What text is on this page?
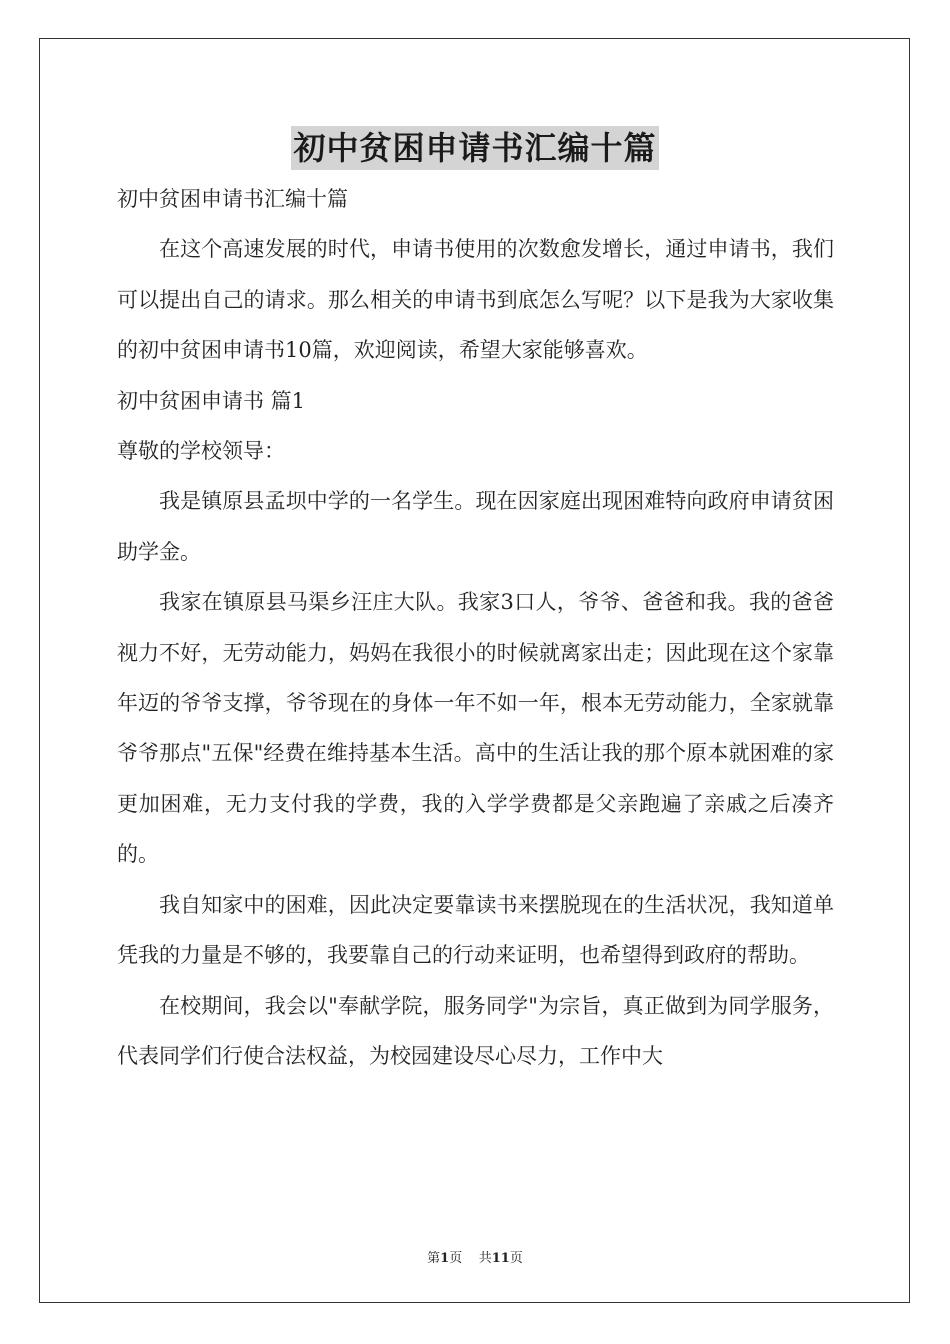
初中贫困申请书汇编十篇

初中贫困申请书汇编十篇

在这个高速发展的时代，申请书使用的次数愈发增长，通过申请书，我们可以提出自己的请求。那么相关的申请书到底怎么写呢？以下是我为大家收集的初中贫困申请书10篇，欢迎阅读，希望大家能够喜欢。

初中贫困申请书 篇1

尊敬的学校领导：

我是镇原县孟坝中学的一名学生。现在因家庭出现困难特向政府申请贫困助学金。

我家在镇原县马渠乡汪庄大队。我家3口人，爷爷、爸爸和我。我的爸爸视力不好，无劳动能力，妈妈在我很小的时候就离家出走；因此现在这个家靠年迈的爷爷支撑，爷爷现在的身体一年不如一年，根本无劳动能力，全家就靠爷爷那点"五保"经费在维持基本生活。高中的生活让我的那个原本就困难的家更加困难，无力支付我的学费，我的入学学费都是父亲跑遍了亲戚之后凑齐的。

我自知家中的困难，因此决定要靠读书来摆脱现在的生活状况，我知道单凭我的力量是不够的，我要靠自己的行动来证明，也希望得到政府的帮助。

在校期间，我会以"奉献学院，服务同学"为宗旨，真正做到为同学服务，代表同学们行使合法权益，为校园建设尽心尽力，工作中大

第1页    共11页
